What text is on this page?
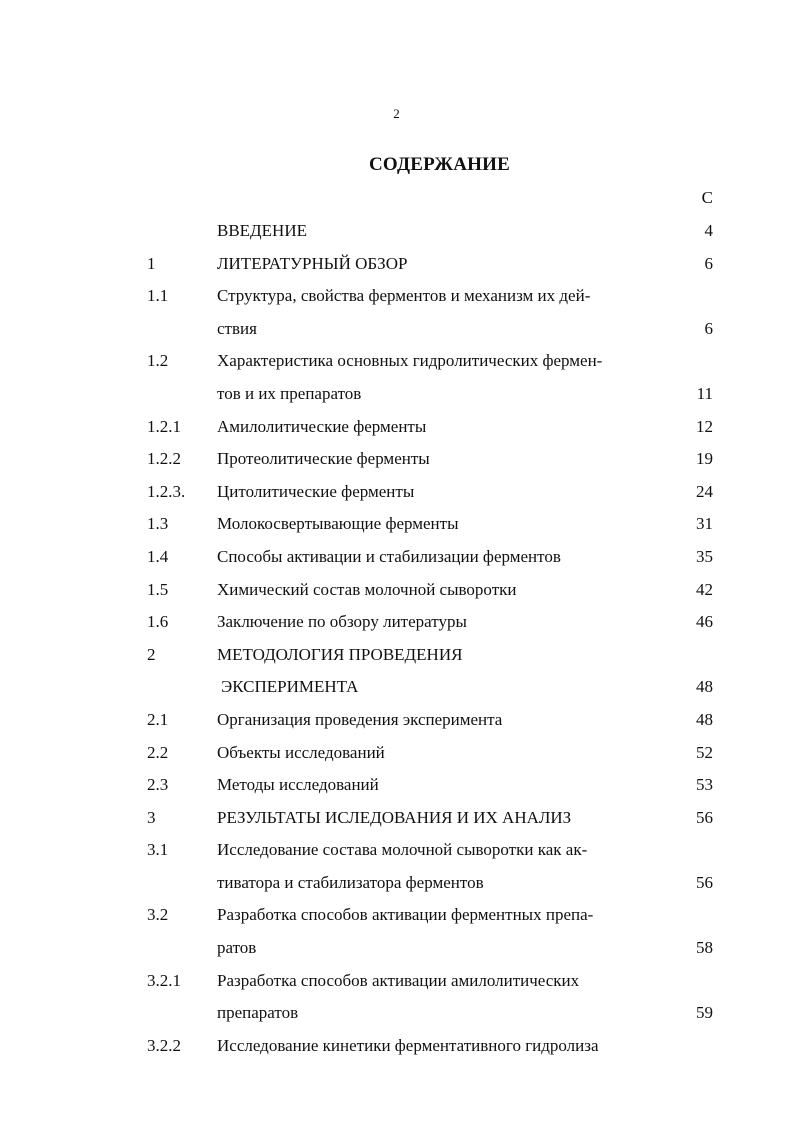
2
СОДЕРЖАНИЕ
С
ВВЕДЕНИЕ	4
1	ЛИТЕРАТУРНЫЙ ОБЗОР	6
1.1	Структура, свойства ферментов и механизм их дей-
ствия	6
1.2	Характеристика основных гидролитических фермен-
тов и их препаратов	11
1.2.1 Амилолитические ферменты	12
1.2.2 Протеолитические ферменты	19
1.2.3. Цитолитические ферменты	24
1.3	Молокосвертывающие ферменты	31
1.4	Способы активации и стабилизации ферментов	35
1.5	Химический состав молочной сыворотки	42
1.6	Заключение по обзору литературы	46
2	МЕТОДОЛОГИЯ ПРОВЕДЕНИЯ
ЭКСПЕРИМЕНТА	48
2.1	Организация проведения эксперимента	48
2.2	Объекты исследований	52
2.3	Методы исследований	53
3	РЕЗУЛЬТАТЫ ИСЛЕДОВАНИЯ И ИХ АНАЛИЗ	56
3.1	Исследование состава молочной сыворотки как ак-
тиватора и стабилизатора ферментов	56
3.2	Разработка способов активации ферментных препа-
ратов	58
3.2.1 Разработка способов активации амилолитических
препаратов	59
3.2.2 Исследование кинетики ферментативного гидролиза
